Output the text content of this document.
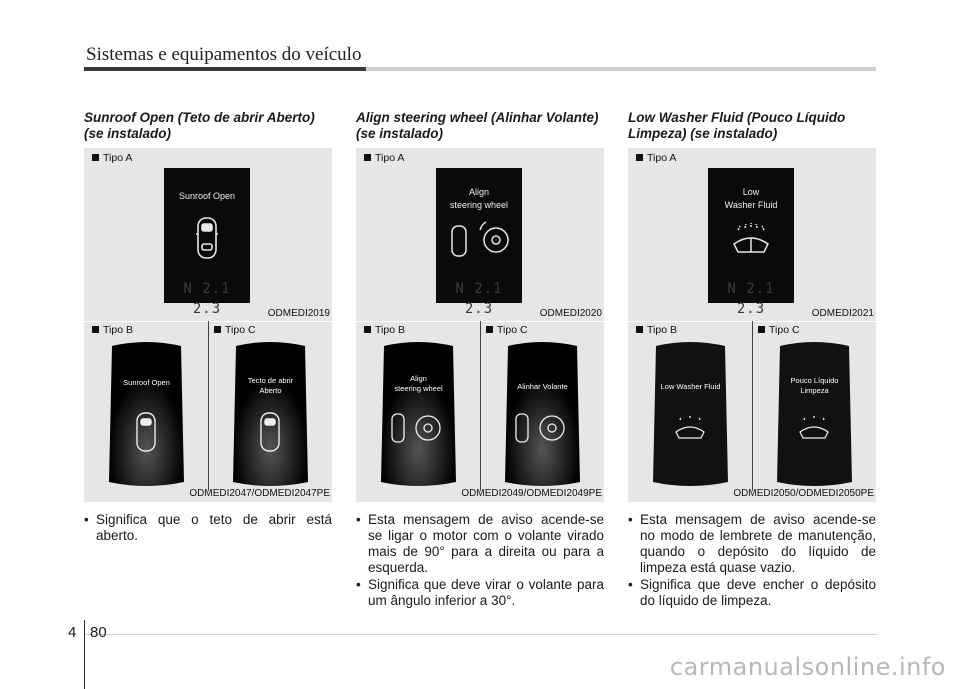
Sistemas e equipamentos do veículo
Sunroof Open (Teto de abrir Aberto) (se instalado)
Tipo A
Sunroof Open
N 2.1 2.3	ODMEDI2019
Tipo B	Tipo C
Sunroof Open	Tecto de abrir
Aberto
ODMEDI2047/ODMEDI2047PE
• Significa que o teto de abrir está aberto.
Align steering wheel (Alinhar Volante) (se instalado)
Tipo A
Align
steering wheel
N 2.1 2.3	ODMEDI2020
Tipo B	Tipo C
Align
steering wheel	Alinhar Volante
ODMEDI2049/ODMEDI2049PE
• Esta mensagem de aviso acende-se se ligar o motor com o volante virado mais de 90° para a direita ou para a esquerda.
• Significa que deve virar o volante para um ângulo inferior a 30°.
Low Washer Fluid (Pouco Líquido Limpeza) (se instalado)
Tipo A
Low
Washer Fluid
N 2.1 2.3	ODMEDI2021
Tipo B	Tipo C
Low Washer Fluid
Pouco Líquido
Limpeza
ODMEDI2050/ODMEDI2050PE
• Esta mensagem de aviso acende-se no modo de lembrete de manutenção, quando o depósito do líquido de limpeza está quase vazio.
• Significa que deve encher o depósito do líquido de limpeza.
4 80
carmanualsonline.info
